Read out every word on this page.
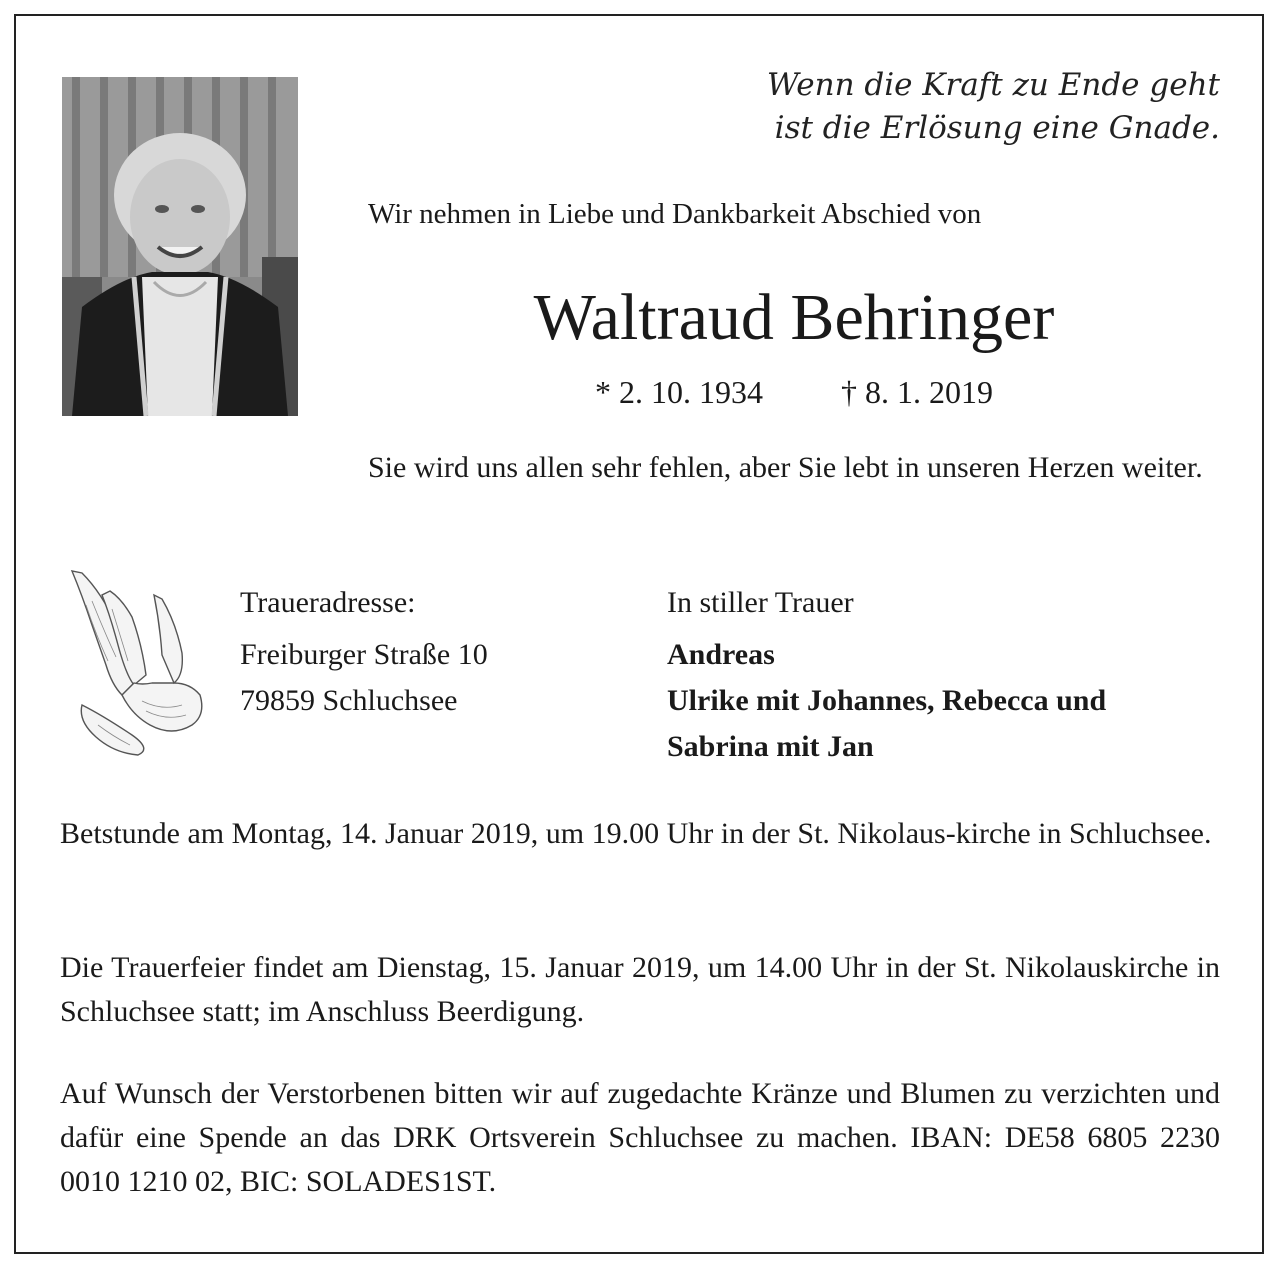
Wenn die Kraft zu Ende geht
ist die Erlösung eine Gnade.
Wir nehmen in Liebe und Dankbarkeit Abschied von
Waltraud Behringer
* 2. 10. 1934 † 8. 1. 2019
Sie wird uns allen sehr fehlen, aber Sie lebt in unseren Herzen weiter.
Traueradresse:
Freiburger Straße 10
79859 Schluchsee
In stiller Trauer
Andreas
Ulrike mit Johannes, Rebecca und
Sabrina mit Jan
Betstunde am Montag, 14. Januar 2019, um 19.00 Uhr in der St. Nikolaus-kirche in Schluchsee.
Die Trauerfeier findet am Dienstag, 15. Januar 2019, um 14.00 Uhr in der St. Nikolauskirche in Schluchsee statt; im Anschluss Beerdigung.
Auf Wunsch der Verstorbenen bitten wir auf zugedachte Kränze und Blumen zu verzichten und dafür eine Spende an das DRK Ortsverein Schluchsee zu machen. IBAN: DE58 6805 2230 0010 1210 02, BIC: SOLADES1ST.
